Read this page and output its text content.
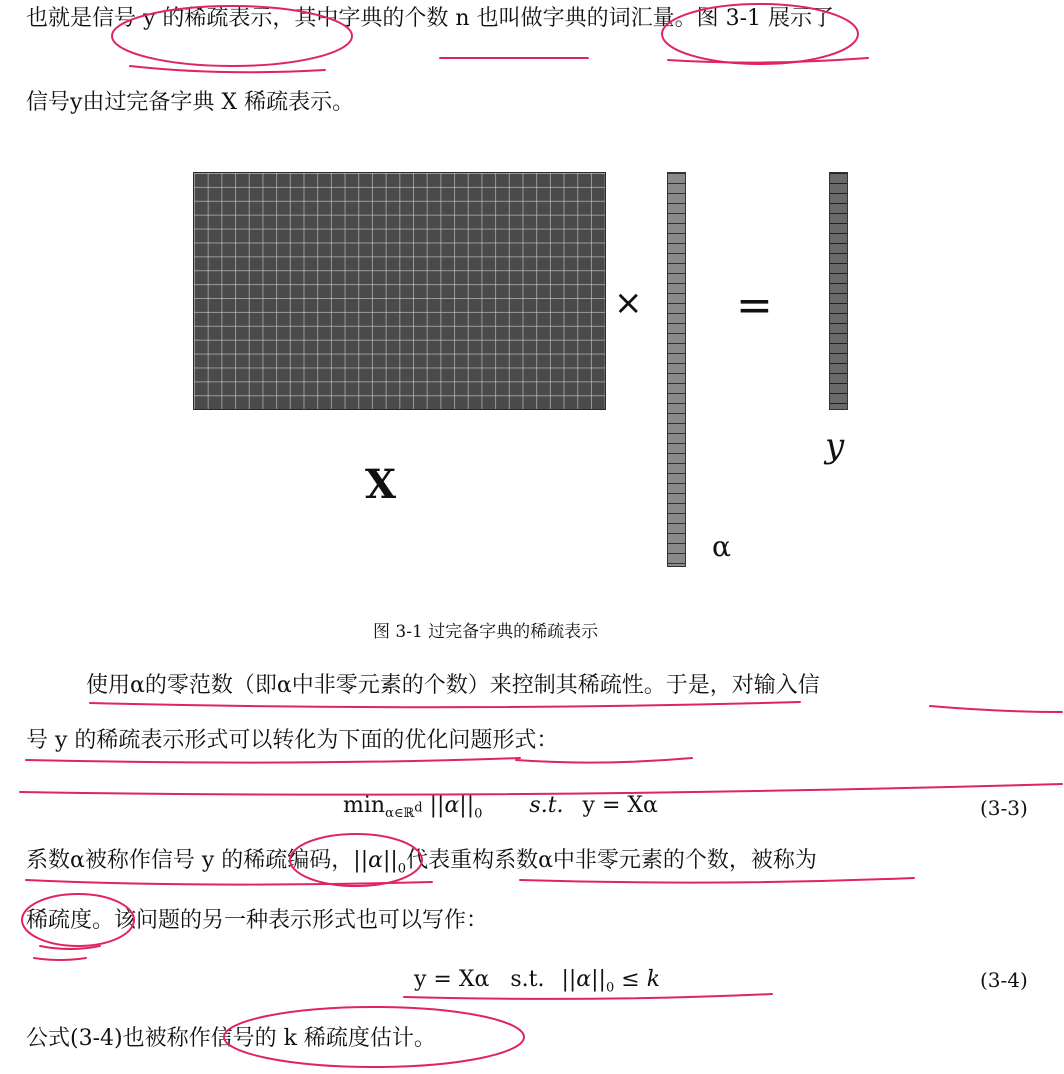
也就是信号 y 的稀疏表示，其中字典的个数 n 也叫做字典的词汇量。图 3-1 展示了
信号y由过完备字典 X 稀疏表示。
× =
X
α
y
图 3-1 过完备字典的稀疏表示
使用α的零范数（即α中非零元素的个数）来控制其稀疏性。于是，对输入信
号 y 的稀疏表示形式可以转化为下面的优化问题形式：
$\min_{\alpha\in ℝ^d} ||\alpha||_0$ s.t. y = Xα	(3-3)
系数α被称作信号 y 的稀疏编码，$||\alpha||_0$代表重构系数α中非零元素的个数，被称为
稀疏度。该问题的另一种表示形式也可以写作：
y = Xα   s.t. $||\alpha||_0 \le k$	(3-4)
公式(3-4)也被称作信号的 k 稀疏度估计。
